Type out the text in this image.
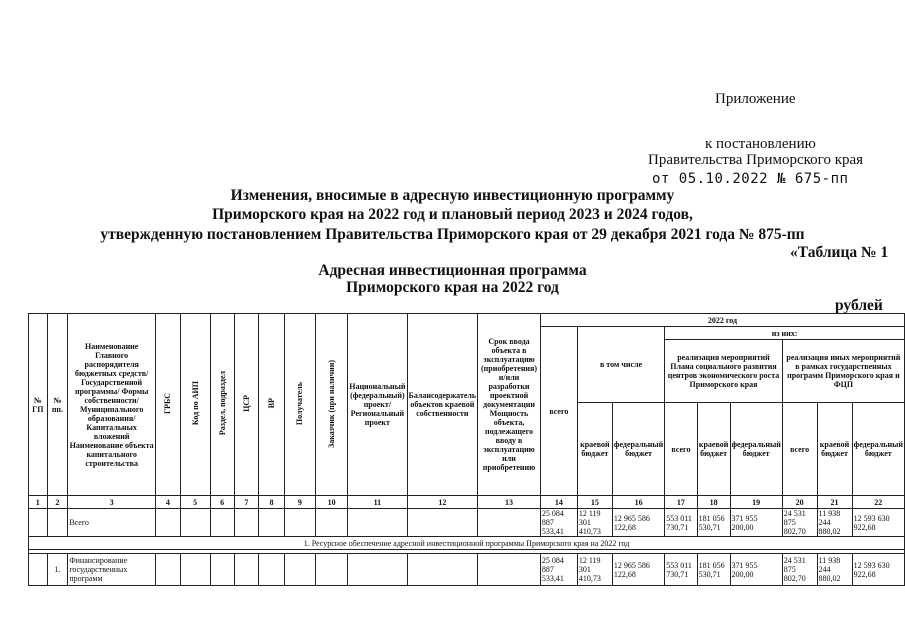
Приложение
к постановлению
Правительства Приморского края
от 05.10.2022 № 675-пп
Изменения, вносимые в адресную инвестиционную программу
Приморского края на 2022 год и плановый период 2023 и 2024 годов,
утвержденную постановлением Правительства Приморского края от 29 декабря 2021 года № 875-пп
«Таблица № 1
Адресная инвестиционная программа
Приморского края на 2022 год
рублей
№ ГП	№ пп.	Наименование Главного распорядителя бюджетных средств/Государственной программы/ Формы собственности/Муниципального образования/Капитальных вложений Наименование объекта капитального строительства	ГРБС	Код по АИП	Раздел, подраздел	ЦСР	ВР	Получатель	Заказчик (при наличии)	Национальный (федеральный) проект/ Региональный проект	Балансодержатель объектов краевой собственности	Срок ввода объекта в эксплуатацию (приобретения) и/или разработки проектной документации Мощность объекта, подлежащего вводу в эксплуатацию или приобретению	2022 год								
													всего	в том числе		из них:					
																реализация мероприятий Плана социального развития центров экономического роста Приморского края			реализация иных мероприятий в рамках государственных программ Приморского края и ФЦП		
														краевой бюджет	федеральный бюджет	всего	краевой бюджет	федеральный бюджет	всего	краевой бюджет	федеральный бюджет
1	2	3	4	5	6	7	8	9	10	11	12	13	14	15	16	17	18	19	20	21	22
		Всего											25 084 887 533,41	12 119 301 410,73	12 965 586 122,68	553 011 730,71	181 056 530,71	371 955 200,00	24 531 875 802,70	11 938 244 880,02	12 593 630 922,68
1. Ресурсное обеспечение адресной инвестиционной программы Приморского края на 2022 год																					

	1.	Финансирование государственных программ											25 084 887 533,41	12 119 301 410,73	12 965 586 122,68	553 011 730,71	181 056 530,71	371 955 200,00	24 531 875 802,70	11 938 244 880,02	12 593 630 922,68
